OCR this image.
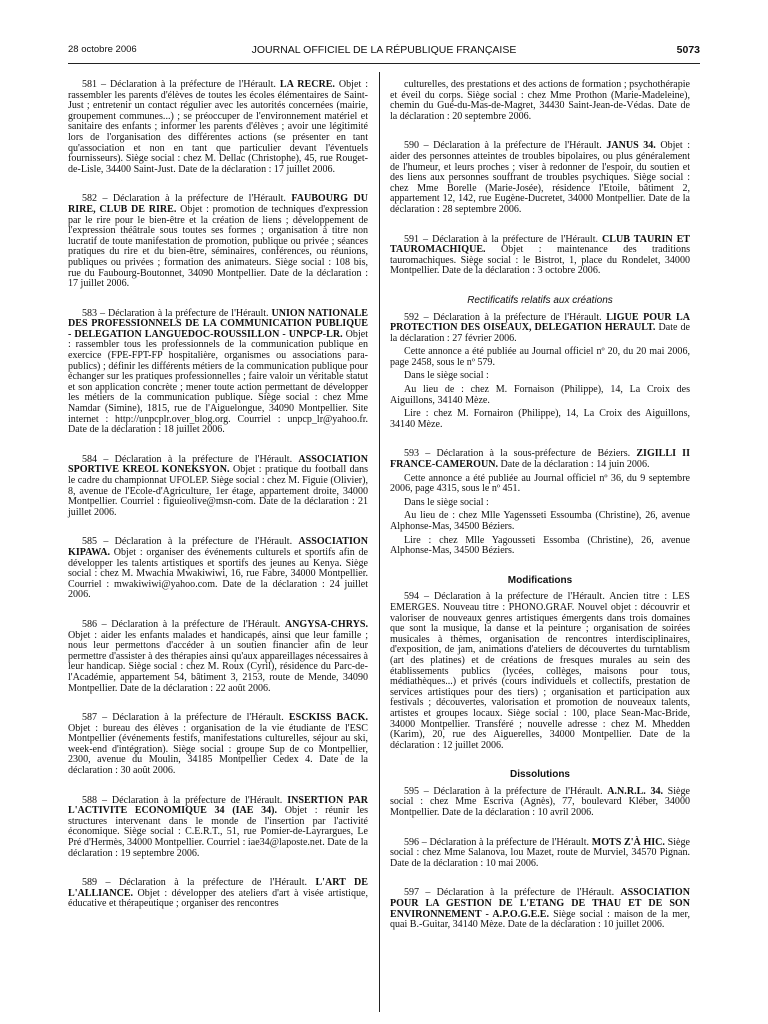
28 octobre 2006	JOURNAL OFFICIEL DE LA RÉPUBLIQUE FRANÇAISE	5073

581 – Déclaration à la préfecture de l'Hérault. LA RECRE. Objet : rassembler les parents d'élèves de toutes les écoles élémentaires de Saint-Just ; entretenir un contact régulier avec les autorités concernées (mairie, groupement communes...) ; se préoccuper de l'environnement matériel et sanitaire des enfants ; informer les parents d'élèves ; avoir une légitimité lors de l'organisation des différentes actions (se présenter en tant qu'association et non en tant que particulier devant l'éventuels fournisseurs). Siège social : chez M. Dellac (Christophe), 45, rue Rouget-de-Lisle, 34400 Saint-Just. Date de la déclaration : 17 juillet 2006.

582 – Déclaration à la préfecture de l'Hérault. FAUBOURG DU RIRE, CLUB DE RIRE. Objet : promotion de techniques d'expression par le rire pour le bien-être et la création de liens ; développement de l'expression théâtrale sous toutes ses formes ; organisation à titre non lucratif de toute manifestation de promotion, publique ou privée ; séances pratiques du rire et du bien-être, séminaires, conférences, ou réunions, publiques ou privées ; formation des animateurs. Siège social : 108 bis, rue du Faubourg-Boutonnet, 34090 Montpellier. Date de la déclaration : 17 juillet 2006.

583 – Déclaration à la préfecture de l'Hérault. UNION NATIONALE DES PROFESSIONNELS DE LA COMMUNICATION PUBLIQUE - DELEGATION LANGUEDOC-ROUSSILLON - UNPCP-LR. Objet : rassembler tous les professionnels de la communication publique en exercice (FPE-FPT-FP hospitalière, organismes ou associations para-publics) ; définir les différents métiers de la communication publique pour échanger sur les pratiques professionnelles ; faire valoir un véritable statut et son application concrète ; mener toute action permettant de développer les métiers de la communication publique. Siège social : chez Mme Namdar (Simine), 1815, rue de l'Aiguelongue, 34090 Montpellier. Site internet : http://unpcplr.over_blog.org. Courriel : unpcp_lr@yahoo.fr. Date de la déclaration : 18 juillet 2006.

584 – Déclaration à la préfecture de l'Hérault. ASSOCIATION SPORTIVE KREOL KONEKSYON. Objet : pratique du football dans le cadre du championnat UFOLEP. Siège social : chez M. Figuie (Olivier), 8, avenue de l'Ecole-d'Agriculture, 1er étage, appartement droite, 34000 Montpellier. Courriel : figuieolive@msn-com. Date de la déclaration : 21 juillet 2006.

585 – Déclaration à la préfecture de l'Hérault. ASSOCIATION KIPAWA. Objet : organiser des événements culturels et sportifs afin de développer les talents artistiques et sportifs des jeunes au Kenya. Siège social : chez M. Mwachia Mwakiwiwi, 16, rue Fabre, 34000 Montpellier. Courriel : mwakiwiwi@yahoo.com. Date de la déclaration : 24 juillet 2006.

586 – Déclaration à la préfecture de l'Hérault. ANGYSA-CHRYS. Objet : aider les enfants malades et handicapés, ainsi que leur famille ; nous leur permettons d'accéder à un soutien financier afin de leur permettre d'assister à des thérapies ainsi qu'aux appareillages nécessaires à leur handicap. Siège social : chez M. Roux (Cyril), résidence du Parc-de-l'Académie, appartement 54, bâtiment 3, 2153, route de Mende, 34090 Montpellier. Date de la déclaration : 22 août 2006.

587 – Déclaration à la préfecture de l'Hérault. ESCKISS BACK. Objet : bureau des élèves : organisation de la vie étudiante de l'ESC Montpellier (événements festifs, manifestations culturelles, séjour au ski, week-end d'intégration). Siège social : groupe Sup de co Montpellier, 2300, avenue du Moulin, 34185 Montpellier Cedex 4. Date de la déclaration : 30 août 2006.

588 – Déclaration à la préfecture de l'Hérault. INSERTION PAR L'ACTIVITE ECONOMIQUE 34 (IAE 34). Objet : réunir les structures intervenant dans le monde de l'insertion par l'activité économique. Siège social : C.E.R.T., 51, rue Pomier-de-Layrargues, Le Pré d'Hermès, 34000 Montpellier. Courriel : iae34@laposte.net. Date de la déclaration : 19 septembre 2006.

589 – Déclaration à la préfecture de l'Hérault. L'ART DE L'ALLIANCE. Objet : développer des ateliers d'art à visée artistique, éducative et thérapeutique ; organiser des rencontres

culturelles, des prestations et des actions de formation ; psychothérapie et éveil du corps. Siège social : chez Mme Prothon (Marie-Madeleine), chemin du Gué-du-Mas-de-Magret, 34430 Saint-Jean-de-Védas. Date de la déclaration : 20 septembre 2006.

590 – Déclaration à la préfecture de l'Hérault. JANUS 34. Objet : aider des personnes atteintes de troubles bipolaires, ou plus généralement de l'humeur, et leurs proches ; viser à redonner de l'espoir, du soutien et des liens aux personnes souffrant de troubles psychiques. Siège social : chez Mme Borelle (Marie-Josée), résidence l'Etoile, bâtiment 2, appartement 12, 142, rue Eugène-Ducretet, 34000 Montpellier. Date de la déclaration : 28 septembre 2006.

591 – Déclaration à la préfecture de l'Hérault. CLUB TAURIN ET TAUROMACHIQUE. Objet : maintenance des traditions tauromachiques. Siège social : le Bistrot, 1, place du Rondelet, 34000 Montpellier. Date de la déclaration : 3 octobre 2006.

Rectificatifs relatifs aux créations

592 – Déclaration à la préfecture de l'Hérault. LIGUE POUR LA PROTECTION DES OISEAUX, DELEGATION HERAULT. Date de la déclaration : 27 février 2006.

Cette annonce a été publiée au Journal officiel nº 20, du 20 mai 2006, page 2458, sous le nº 579.

Dans le siège social :

Au lieu de : chez M. Fornaison (Philippe), 14, La Croix des Aiguillons, 34140 Mèze.

Lire : chez M. Fornairon (Philippe), 14, La Croix des Aiguillons, 34140 Mèze.

593 – Déclaration à la sous-préfecture de Béziers. ZIGILLI II FRANCE-CAMEROUN. Date de la déclaration : 14 juin 2006.

Cette annonce a été publiée au Journal officiel nº 36, du 9 septembre 2006, page 4315, sous le nº 451.

Dans le siège social :

Au lieu de : chez Mlle Yagensseti Essoumba (Christine), 26, avenue Alphonse-Mas, 34500 Béziers.

Lire : chez Mlle Yagousseti Essomba (Christine), 26, avenue Alphonse-Mas, 34500 Béziers.

Modifications

594 – Déclaration à la préfecture de l'Hérault. Ancien titre : LES EMERGES. Nouveau titre : PHONO.GRAF. Nouvel objet : découvrir et valoriser de nouveaux genres artistiques émergents dans trois domaines que sont la musique, la danse et la peinture ; organisation de soirées musicales à thèmes, organisation de rencontres interdisciplinaires, d'exposition, de jam, animations d'ateliers de découvertes du turntablism (art des platines) et de créations de fresques murales au sein des établissements publics (lycées, collèges, maisons pour tous, médiathèques...) et privés (cours individuels et collectifs, prestation de services artistiques pour des tiers) ; organisation et participation aux festivals ; découvertes, valorisation et promotion de nouveaux talents, artistes et groupes locaux. Siège social : 100, place Sean-Mac-Bride, 34000 Montpellier. Transféré ; nouvelle adresse : chez M. Mhedden (Karim), 20, rue des Aiguerelles, 34000 Montpellier. Date de la déclaration : 12 juillet 2006.

Dissolutions

595 – Déclaration à la préfecture de l'Hérault. A.N.R.L. 34. Siège social : chez Mme Escriva (Agnès), 77, boulevard Kléber, 34000 Montpellier. Date de la déclaration : 10 avril 2006.

596 – Déclaration à la préfecture de l'Hérault. MOTS Z'À HIC. Siège social : chez Mme Salanova, lou Mazet, route de Murviel, 34570 Pignan. Date de la déclaration : 10 mai 2006.

597 – Déclaration à la préfecture de l'Hérault. ASSOCIATION POUR LA GESTION DE L'ETANG DE THAU ET DE SON ENVIRONNEMENT - A.P.O.G.E.E. Siège social : maison de la mer, quai B.-Guitar, 34140 Mèze. Date de la déclaration : 10 juillet 2006.
